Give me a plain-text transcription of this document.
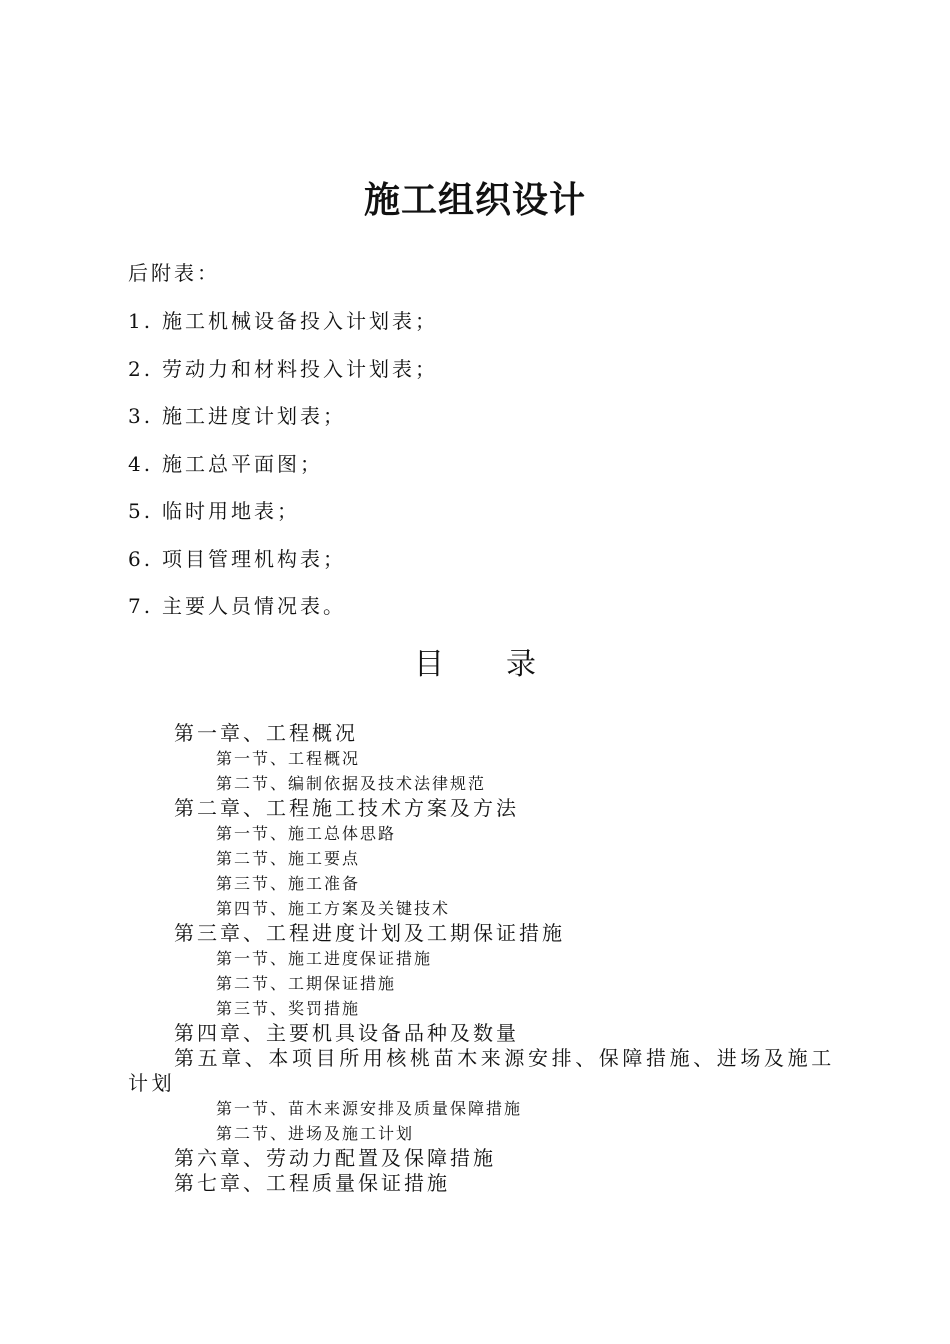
施工组织设计
后附表：
1. 施工机械设备投入计划表；
2. 劳动力和材料投入计划表；
3. 施工进度计划表；
4. 施工总平面图；
5. 临时用地表；
6. 项目管理机构表；
7. 主要人员情况表。
目 录
第一章、工程概况
第一节、工程概况
第二节、编制依据及技术法律规范
第二章、工程施工技术方案及方法
第一节、施工总体思路
第二节、施工要点
第三节、施工准备
第四节、施工方案及关键技术
第三章、工程进度计划及工期保证措施
第一节、施工进度保证措施
第二节、工期保证措施
第三节、奖罚措施
第四章、主要机具设备品种及数量
第五章、本项目所用核桃苗木来源安排、保障措施、进场及施工计划
第一节、苗木来源安排及质量保障措施
第二节、进场及施工计划
第六章、劳动力配置及保障措施
第七章、工程质量保证措施
